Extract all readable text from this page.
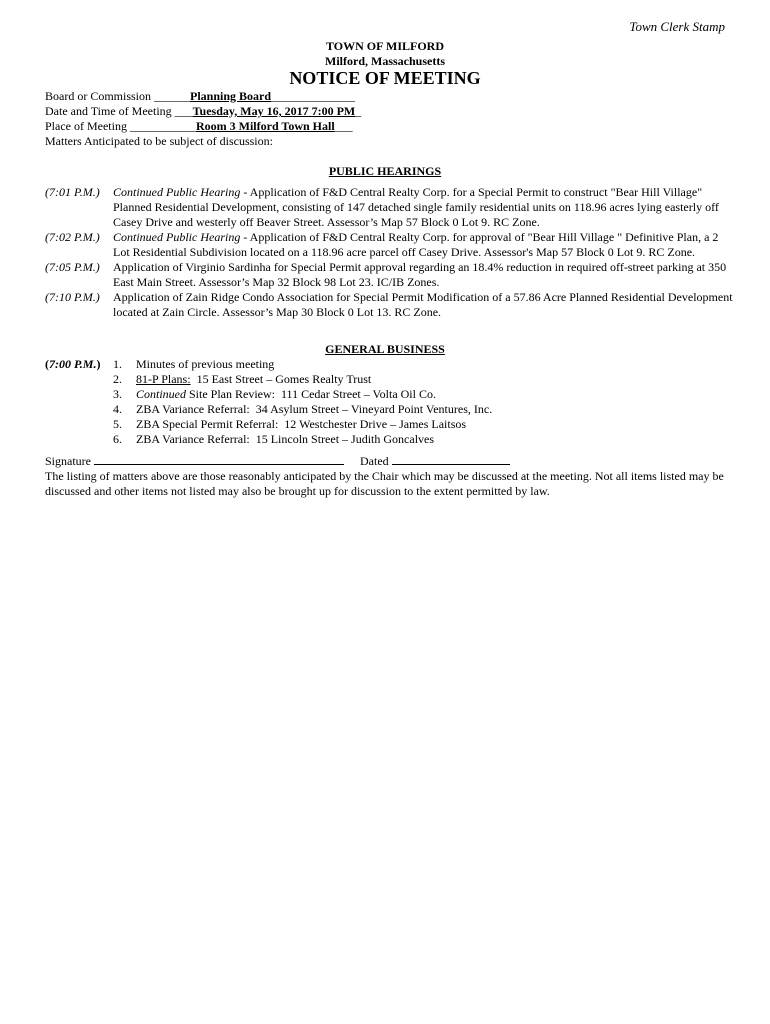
Town Clerk Stamp
TOWN OF MILFORD
Milford, Massachusetts
NOTICE OF MEETING
Board or Commission ______Planning Board______________
Date and Time of Meeting ___Tuesday, May 16, 2017 7:00 PM_
Place of Meeting ___________Room 3 Milford Town Hall___
Matters Anticipated to be subject of discussion:
PUBLIC HEARINGS
(7:01 P.M.)	Continued Public Hearing - Application of F&D Central Realty Corp. for a Special Permit to construct "Bear Hill Village" Planned Residential Development, consisting of 147 detached single family residential units on 118.96 acres lying easterly off Casey Drive and westerly off Beaver Street. Assessor’s Map 57 Block 0 Lot 9. RC Zone.
(7:02 P.M.)	Continued Public Hearing - Application of F&D Central Realty Corp. for approval of "Bear Hill Village " Definitive Plan, a 2 Lot Residential Subdivision located on a 118.96 acre parcel off Casey Drive. Assessor's Map 57 Block 0 Lot 9. RC Zone.
(7:05 P.M.)	Application of Virginio Sardinha for Special Permit approval regarding an 18.4% reduction in required off-street parking at 350 East Main Street. Assessor’s Map 32 Block 98 Lot 23. IC/IB Zones.
(7:10 P.M.)	Application of Zain Ridge Condo Association for Special Permit Modification of a 57.86 Acre Planned Residential Development located at Zain Circle. Assessor’s Map 30 Block 0 Lot 13. RC Zone.
GENERAL BUSINESS
(7:00 P.M.)	1.	Minutes of previous meeting
2.	81-P Plans: 15 East Street – Gomes Realty Trust
3.	Continued Site Plan Review:  111 Cedar Street – Volta Oil Co.
4.	ZBA Variance Referral:  34 Asylum Street – Vineyard Point Ventures, Inc.
5.	ZBA Special Permit Referral:  12 Westchester Drive – James Laitsos
6.	ZBA Variance Referral:  15 Lincoln Street – Judith Goncalves
Signature	Dated
The listing of matters above are those reasonably anticipated by the Chair which may be discussed at the meeting. Not all items listed may be discussed and other items not listed may also be brought up for discussion to the extent permitted by law.
